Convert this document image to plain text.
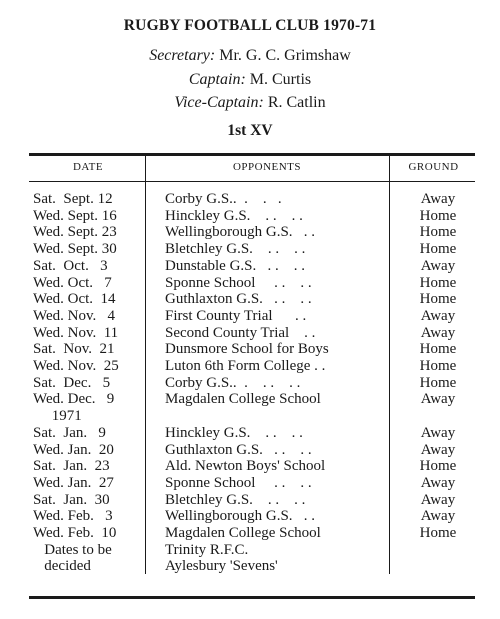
RUGBY FOOTBALL CLUB 1970-71
Secretary: Mr. G. C. Grimshaw
Captain: M. Curtis
Vice-Captain: R. Catlin
1st XV
DATE	OPPONENTS	GROUND
Sat.  Sept. 12	Corby G.S..  .    .   .	Away
Wed. Sept. 16	Hinckley G.S.    . .    . .	Home
Wed. Sept. 23	Wellingborough G.S.   . .	Home
Wed. Sept. 30	Bletchley G.S.    . .    . .	Home
Sat.  Oct.   3	Dunstable G.S.   . .    . .	Away
Wed. Oct.   7	Sponne School     . .    . .	Home
Wed. Oct.  14	Guthlaxton G.S.   . .    . .	Home
Wed. Nov.   4	First County Trial      . .	Away
Wed. Nov.  11	Second County Trial    . .	Away
Sat.  Nov.  21	Dunsmore School for Boys	Home
Wed. Nov.  25	Luton 6th Form College . .	Home
Sat.  Dec.   5	Corby G.S..  .    . .    . .	Home
Wed. Dec.   9	Magdalen College School	Away
1971
Sat.  Jan.   9	Hinckley G.S.    . .    . .	Away
Wed. Jan.  20	Guthlaxton G.S.   . .    . .	Away
Sat.  Jan.  23	Ald. Newton Boys' School	Home
Wed. Jan.  27	Sponne School     . .    . .	Away
Sat.  Jan.  30	Bletchley G.S.    . .    . .	Away
Wed. Feb.   3	Wellingborough G.S.   . .	Away
Wed. Feb.  10	Magdalen College School	Home
Dates to be	Trinity R.F.C.
decided	Aylesbury 'Sevens'
